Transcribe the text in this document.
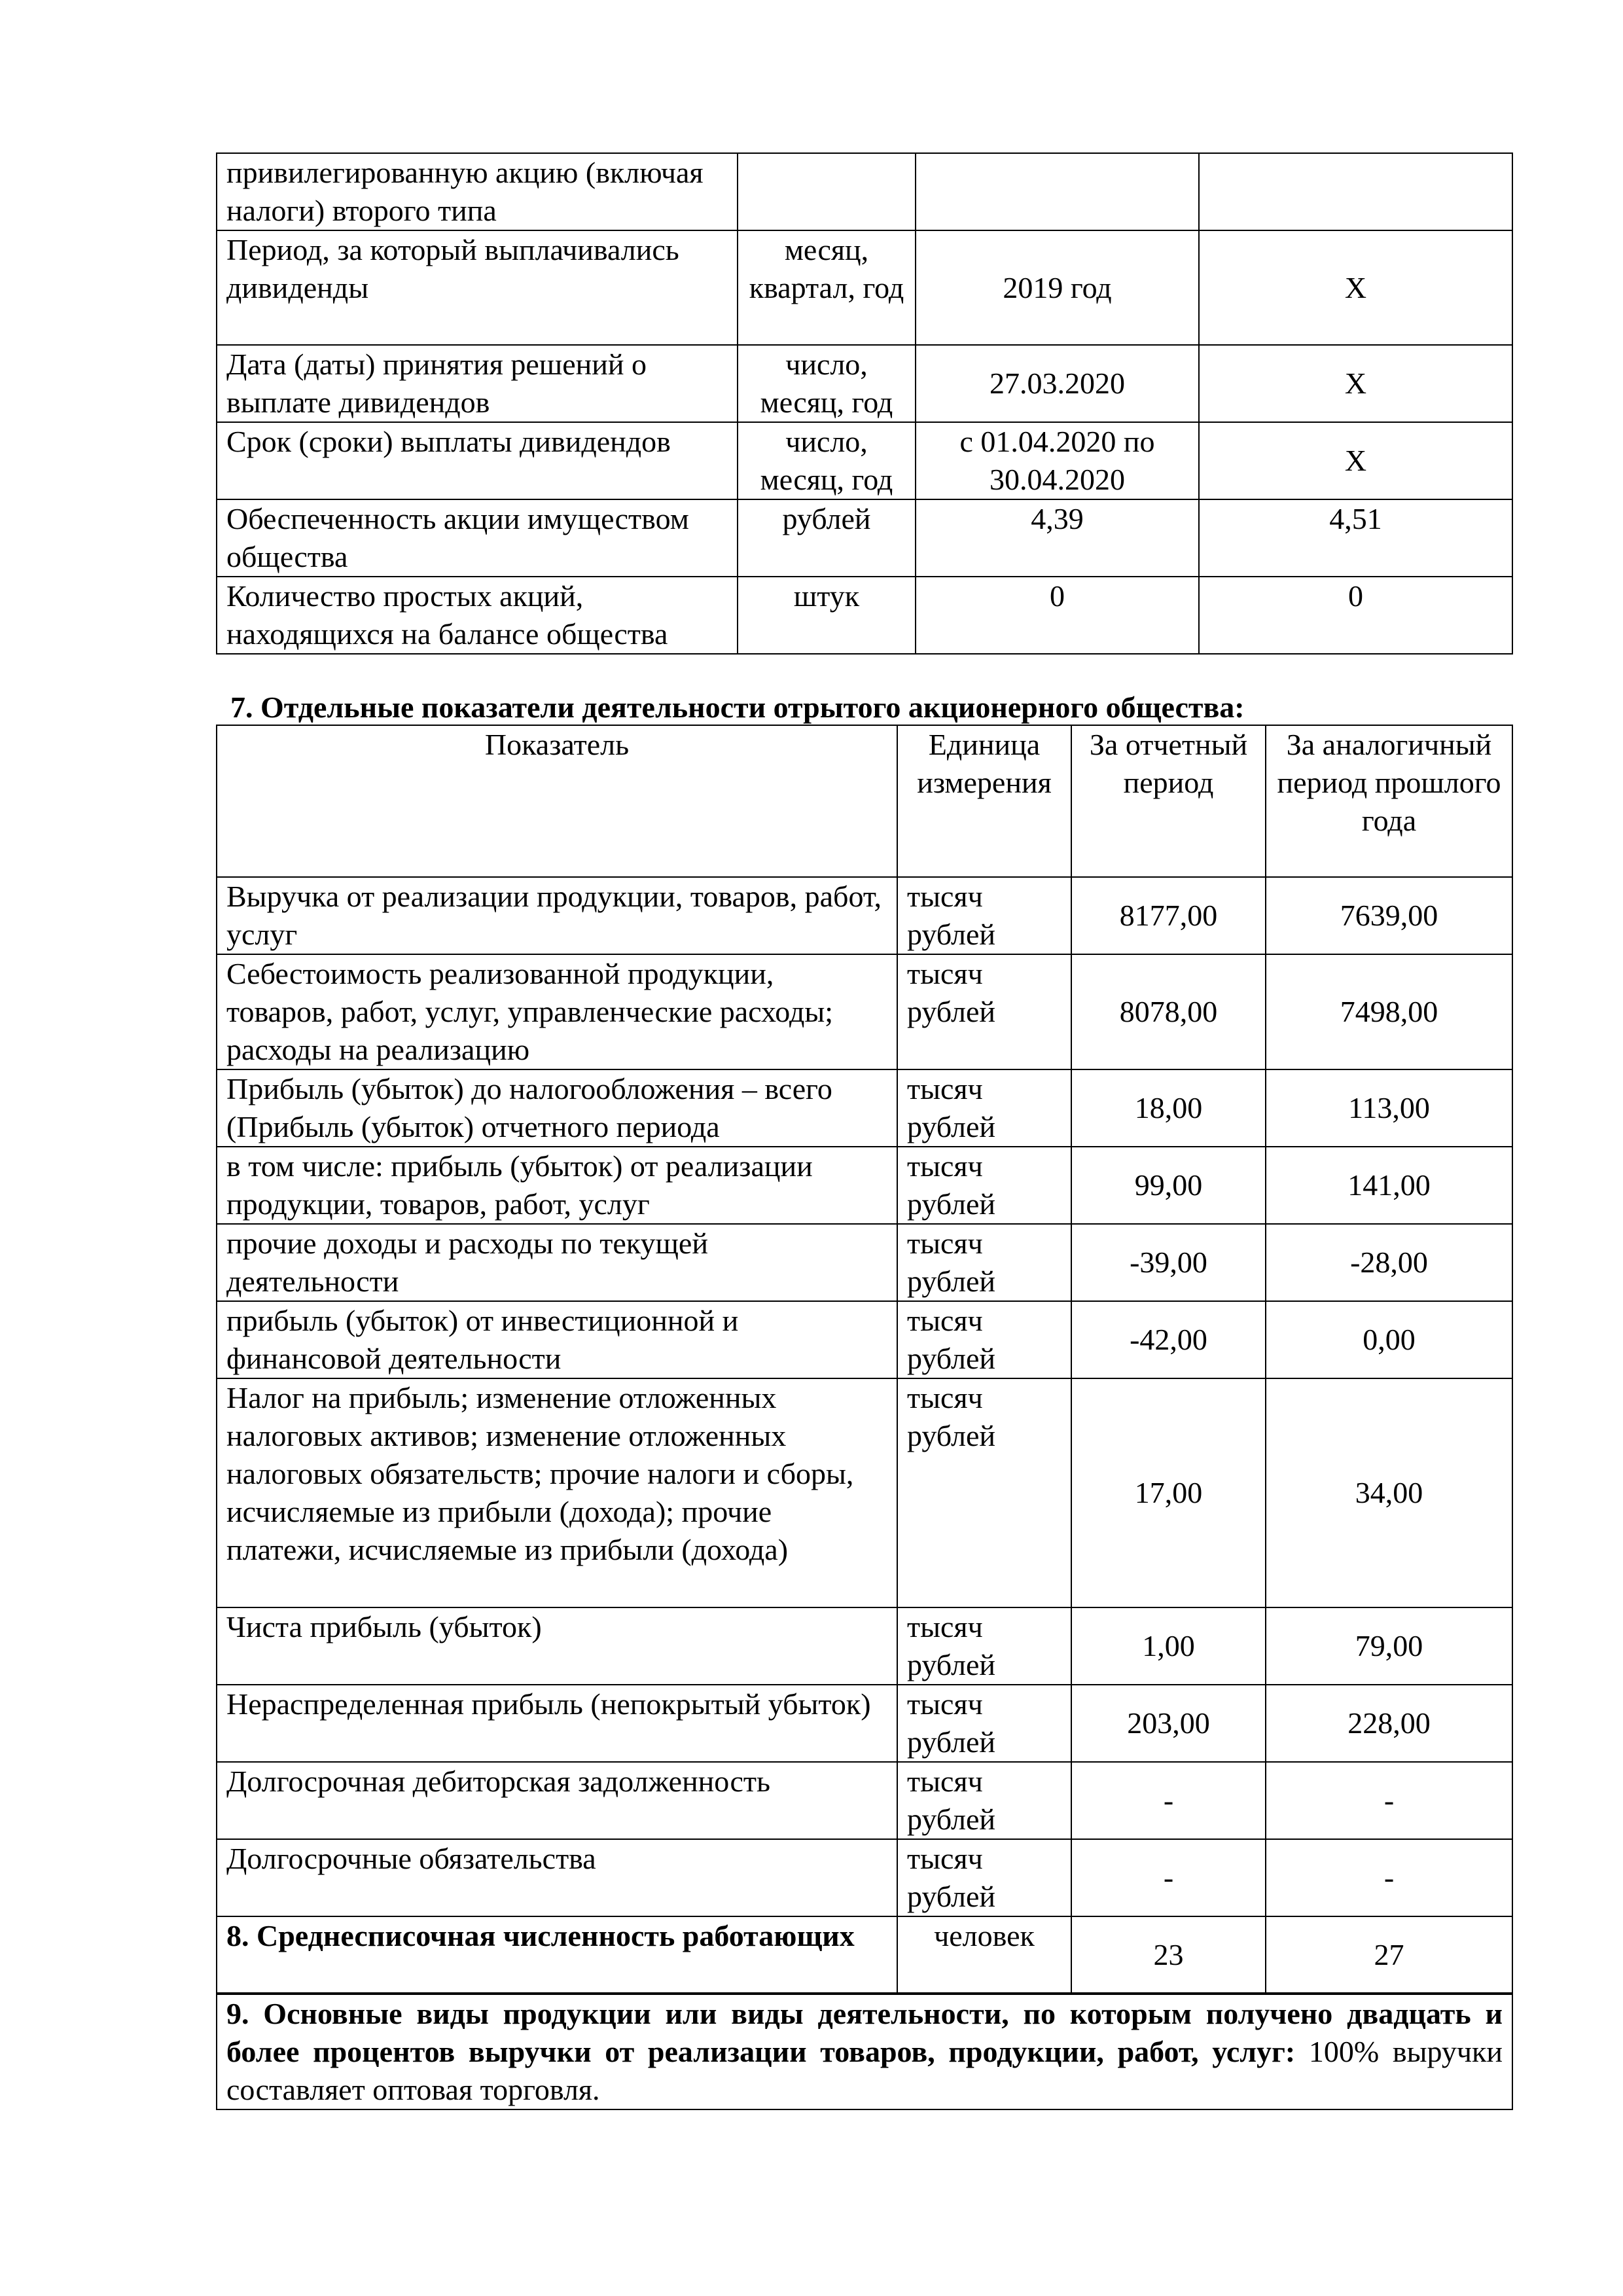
привилегированную акцию (включая налоги) второго типа			
Период, за который выплачивались дивиденды	месяц, квартал, год	2019 год	Х
Дата (даты) принятия решений о выплате дивидендов	число, месяц, год	27.03.2020	Х
Срок (сроки) выплаты дивидендов	число, месяц, год	с 01.04.2020 по 30.04.2020	Х
Обеспеченность акции имуществом общества	рублей	4,39	4,51
Количество простых акций, находящихся на балансе общества	штук	0	0
7. Отдельные показатели деятельности отрытого акционерного общества:
Показатель	Единица измерения	За отчетный период	За аналогичный период прошлого года
Выручка от реализации продукции, товаров, работ, услуг	тысяч рублей	8177,00	7639,00
Себестоимость реализованной продукции, товаров, работ, услуг, управленческие расходы; расходы на реализацию	тысяч рублей	8078,00	7498,00
Прибыль (убыток) до налогообложения – всего (Прибыль (убыток) отчетного периода	тысяч рублей	18,00	113,00
в том числе: прибыль (убыток) от реализации продукции, товаров, работ, услуг	тысяч рублей	99,00	141,00
прочие доходы и расходы по текущей деятельности	тысяч рублей	-39,00	-28,00
прибыль (убыток) от инвестиционной и финансовой деятельности	тысяч рублей	-42,00	0,00
Налог на прибыль; изменение отложенных налоговых активов; изменение отложенных налоговых обязательств; прочие налоги и сборы, исчисляемые из прибыли (дохода); прочие платежи, исчисляемые из прибыли (дохода)	тысяч рублей	17,00	34,00
Чиста прибыль (убыток)	тысяч рублей	1,00	79,00
Нераспределенная прибыль (непокрытый убыток)	тысяч рублей	203,00	228,00
Долгосрочная дебиторская задолженность	тысяч рублей	-	-
Долгосрочные обязательства	тысяч рублей	-	-
8. Среднесписочная численность работающих	человек	23	27
9. Основные виды продукции или виды деятельности, по которым получено двадцать и более процентов выручки от реализации товаров, продукции, работ, услуг: 100% выручки составляет оптовая торговля.			
